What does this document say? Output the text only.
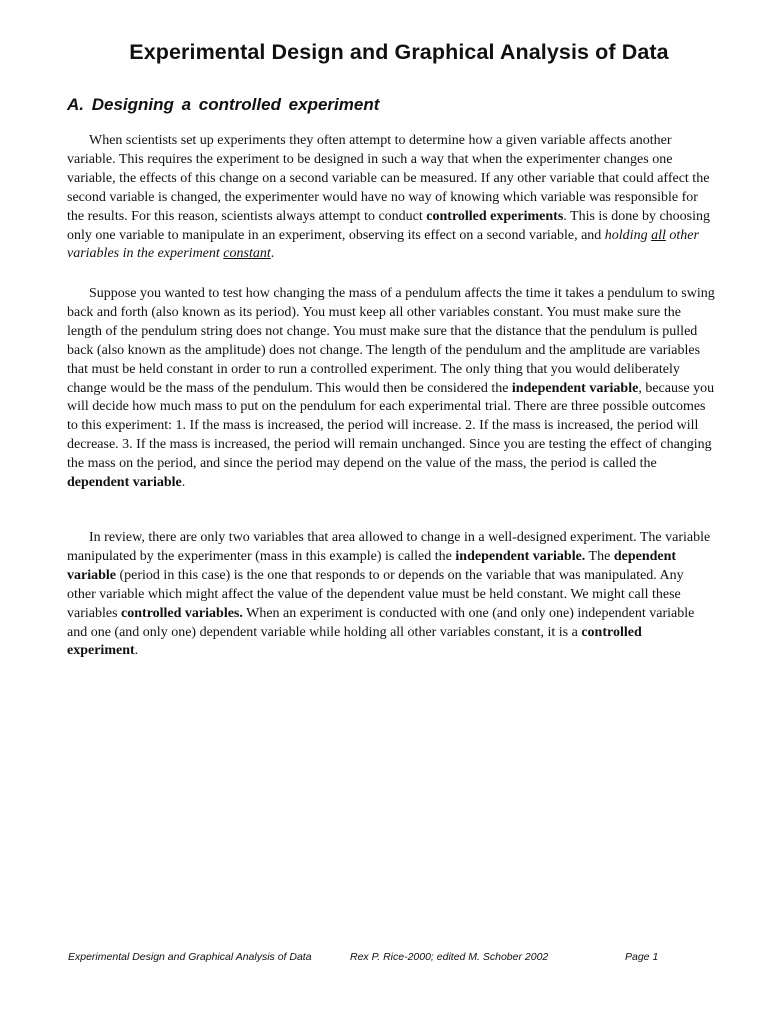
Experimental Design and Graphical Analysis of Data
A. Designing a controlled experiment

When scientists set up experiments they often attempt to determine how a given variable affects another variable. This requires the experiment to be designed in such a way that when the experimenter changes one variable, the effects of this change on a second variable can be measured. If any other variable that could affect the second variable is changed, the experimenter would have no way of knowing which variable was responsible for the results. For this reason, scientists always attempt to conduct controlled experiments. This is done by choosing only one variable to manipulate in an experiment, observing its effect on a second variable, and holding all other variables in the experiment constant.

Suppose you wanted to test how changing the mass of a pendulum affects the time it takes a pendulum to swing back and forth (also known as its period). You must keep all other variables constant. You must make sure the length of the pendulum string does not change. You must make sure that the distance that the pendulum is pulled back (also known as the amplitude) does not change. The length of the pendulum and the amplitude are variables that must be held constant in order to run a controlled experiment. The only thing that you would deliberately change would be the mass of the pendulum. This would then be considered the independent variable, because you will decide how much mass to put on the pendulum for each experimental trial. There are three possible outcomes to this experiment: 1. If the mass is increased, the period will increase. 2. If the mass is increased, the period will decrease. 3. If the mass is increased, the period will remain unchanged. Since you are testing the effect of changing the mass on the period, and since the period may depend on the value of the mass, the period is called the dependent variable.

In review, there are only two variables that area allowed to change in a well-designed experiment. The variable manipulated by the experimenter (mass in this example) is called the independent variable. The dependent variable (period in this case) is the one that responds to or depends on the variable that was manipulated. Any other variable which might affect the value of the dependent value must be held constant. We might call these variables controlled variables. When an experiment is conducted with one (and only one) independent variable and one (and only one) dependent variable while holding all other variables constant, it is a controlled experiment.

Experimental Design and Graphical Analysis of Data	Rex P. Rice-2000; edited M. Schober 2002	Page 1
